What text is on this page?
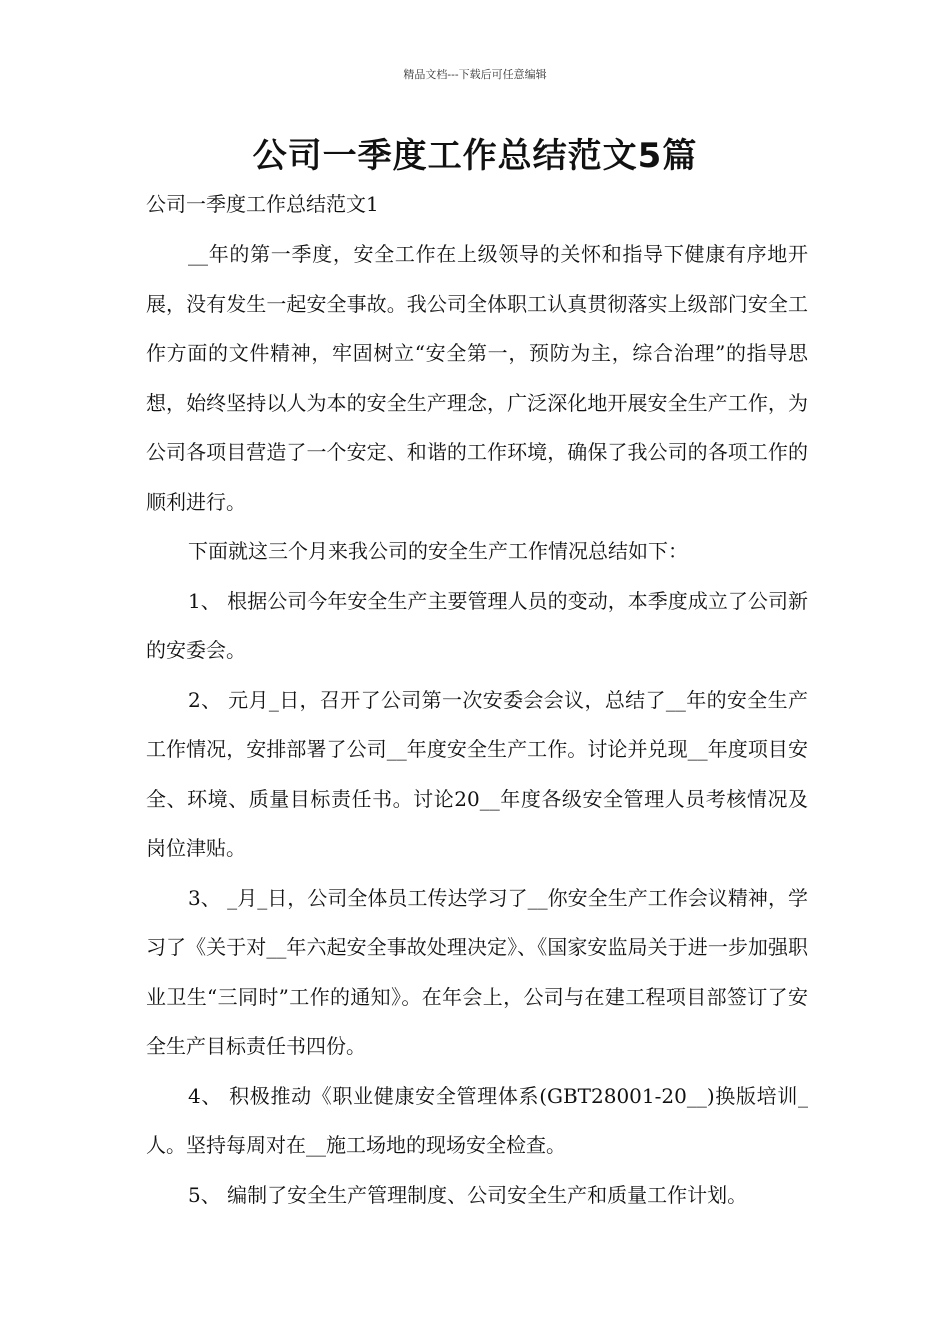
精品文档---下载后可任意编辑
公司一季度工作总结范文5篇
公司一季度工作总结范文1

__年的第一季度，安全工作在上级领导的关怀和指导下健康有序地开展，没有发生一起安全事故。我公司全体职工认真贯彻落实上级部门安全工作方面的文件精神，牢固树立“安全第一，预防为主，综合治理”的指导思想，始终坚持以人为本的安全生产理念，广泛深化地开展安全生产工作，为公司各项目营造了一个安定、和谐的工作环境，确保了我公司的各项工作的顺利进行。

下面就这三个月来我公司的安全生产工作情况总结如下：

1、 根据公司今年安全生产主要管理人员的变动，本季度成立了公司新的安委会。

2、 元月_日，召开了公司第一次安委会会议，总结了__年的安全生产工作情况，安排部署了公司__年度安全生产工作。讨论并兑现__年度项目安全、环境、质量目标责任书。讨论20__年度各级安全管理人员考核情况及岗位津贴。

3、 _月_日，公司全体员工传达学习了__你安全生产工作会议精神，学习了《关于对__年六起安全事故处理决定》、《国家安监局关于进一步加强职业卫生“三同时”工作的通知》。在年会上，公司与在建工程项目部签订了安全生产目标责任书四份。

4、 积极推动《职业健康安全管理体系(GBT28001-20__)换版培训_人。坚持每周对在__施工场地的现场安全检查。

5、 编制了安全生产管理制度、公司安全生产和质量工作计划。
